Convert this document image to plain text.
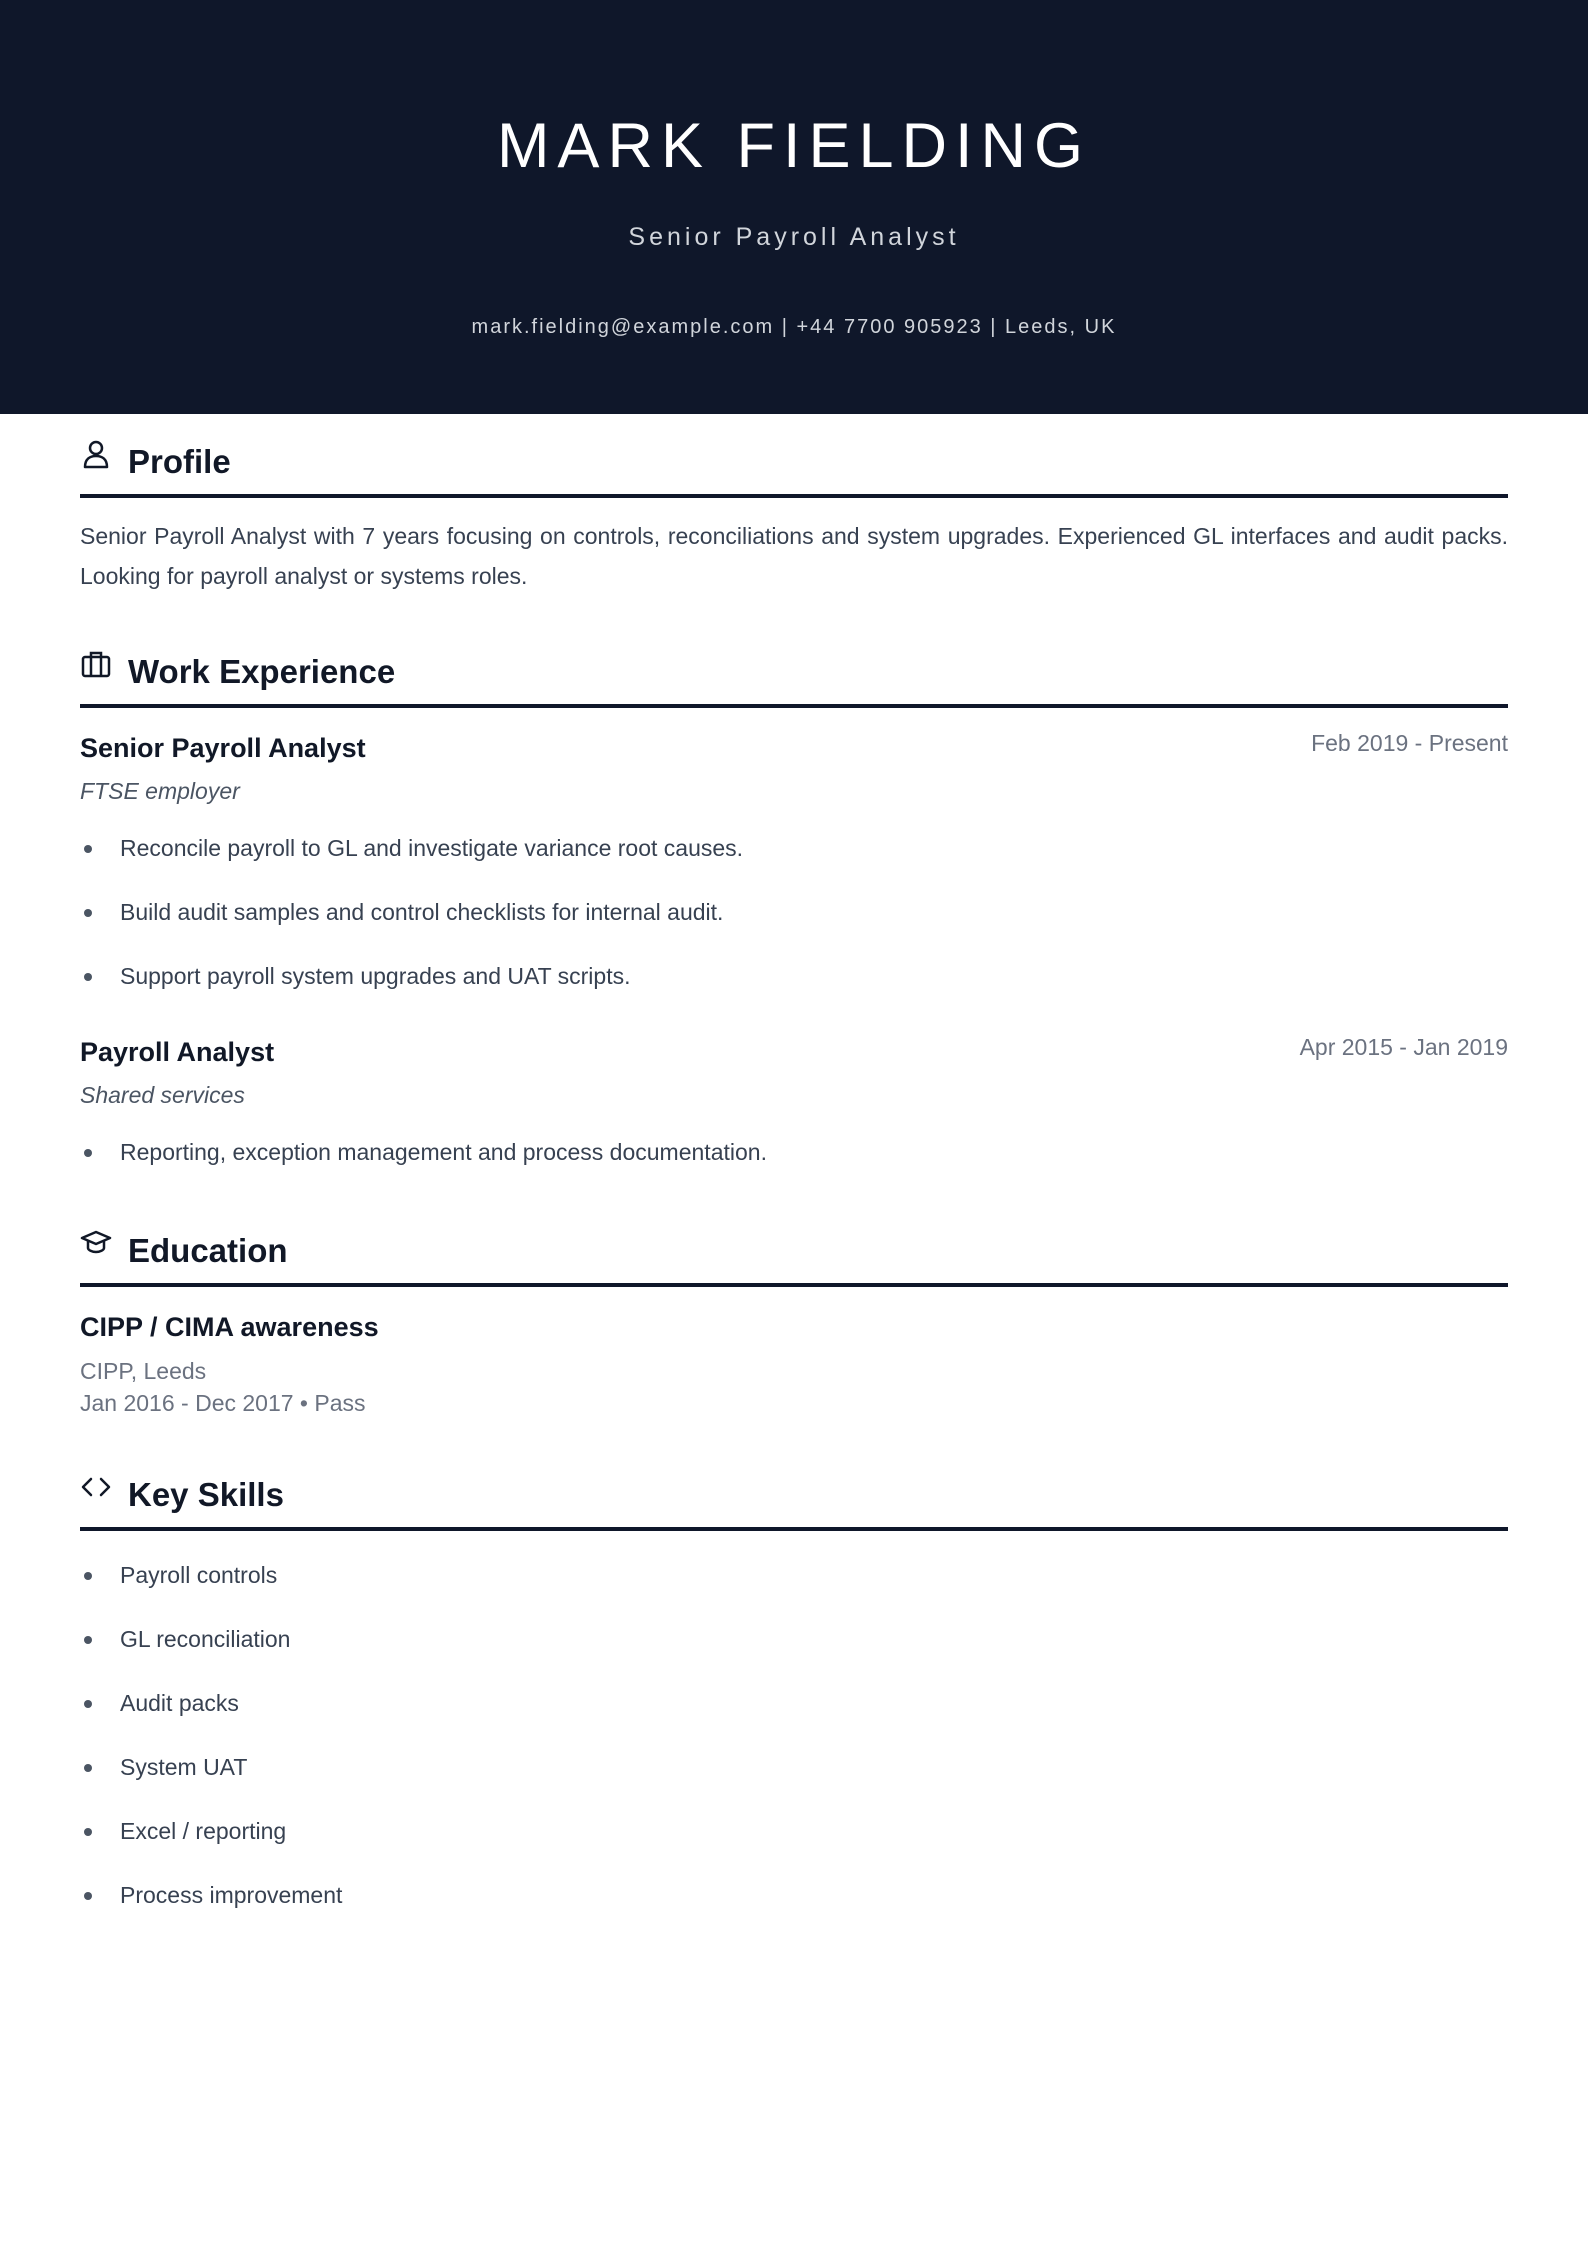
MARK FIELDING
Senior Payroll Analyst
mark.fielding@example.com | +44 7700 905923 | Leeds, UK
Profile
Senior Payroll Analyst with 7 years focusing on controls, reconciliations and system upgrades. Experienced GL interfaces and audit packs. Looking for payroll analyst or systems roles.
Work Experience
Senior Payroll Analyst	Feb 2019 - Present
FTSE employer
Reconcile payroll to GL and investigate variance root causes.
Build audit samples and control checklists for internal audit.
Support payroll system upgrades and UAT scripts.
Payroll Analyst	Apr 2015 - Jan 2019
Shared services
Reporting, exception management and process documentation.
Education
CIPP / CIMA awareness
CIPP, Leeds
Jan 2016 - Dec 2017 • Pass
Key Skills
Payroll controls
GL reconciliation
Audit packs
System UAT
Excel / reporting
Process improvement
